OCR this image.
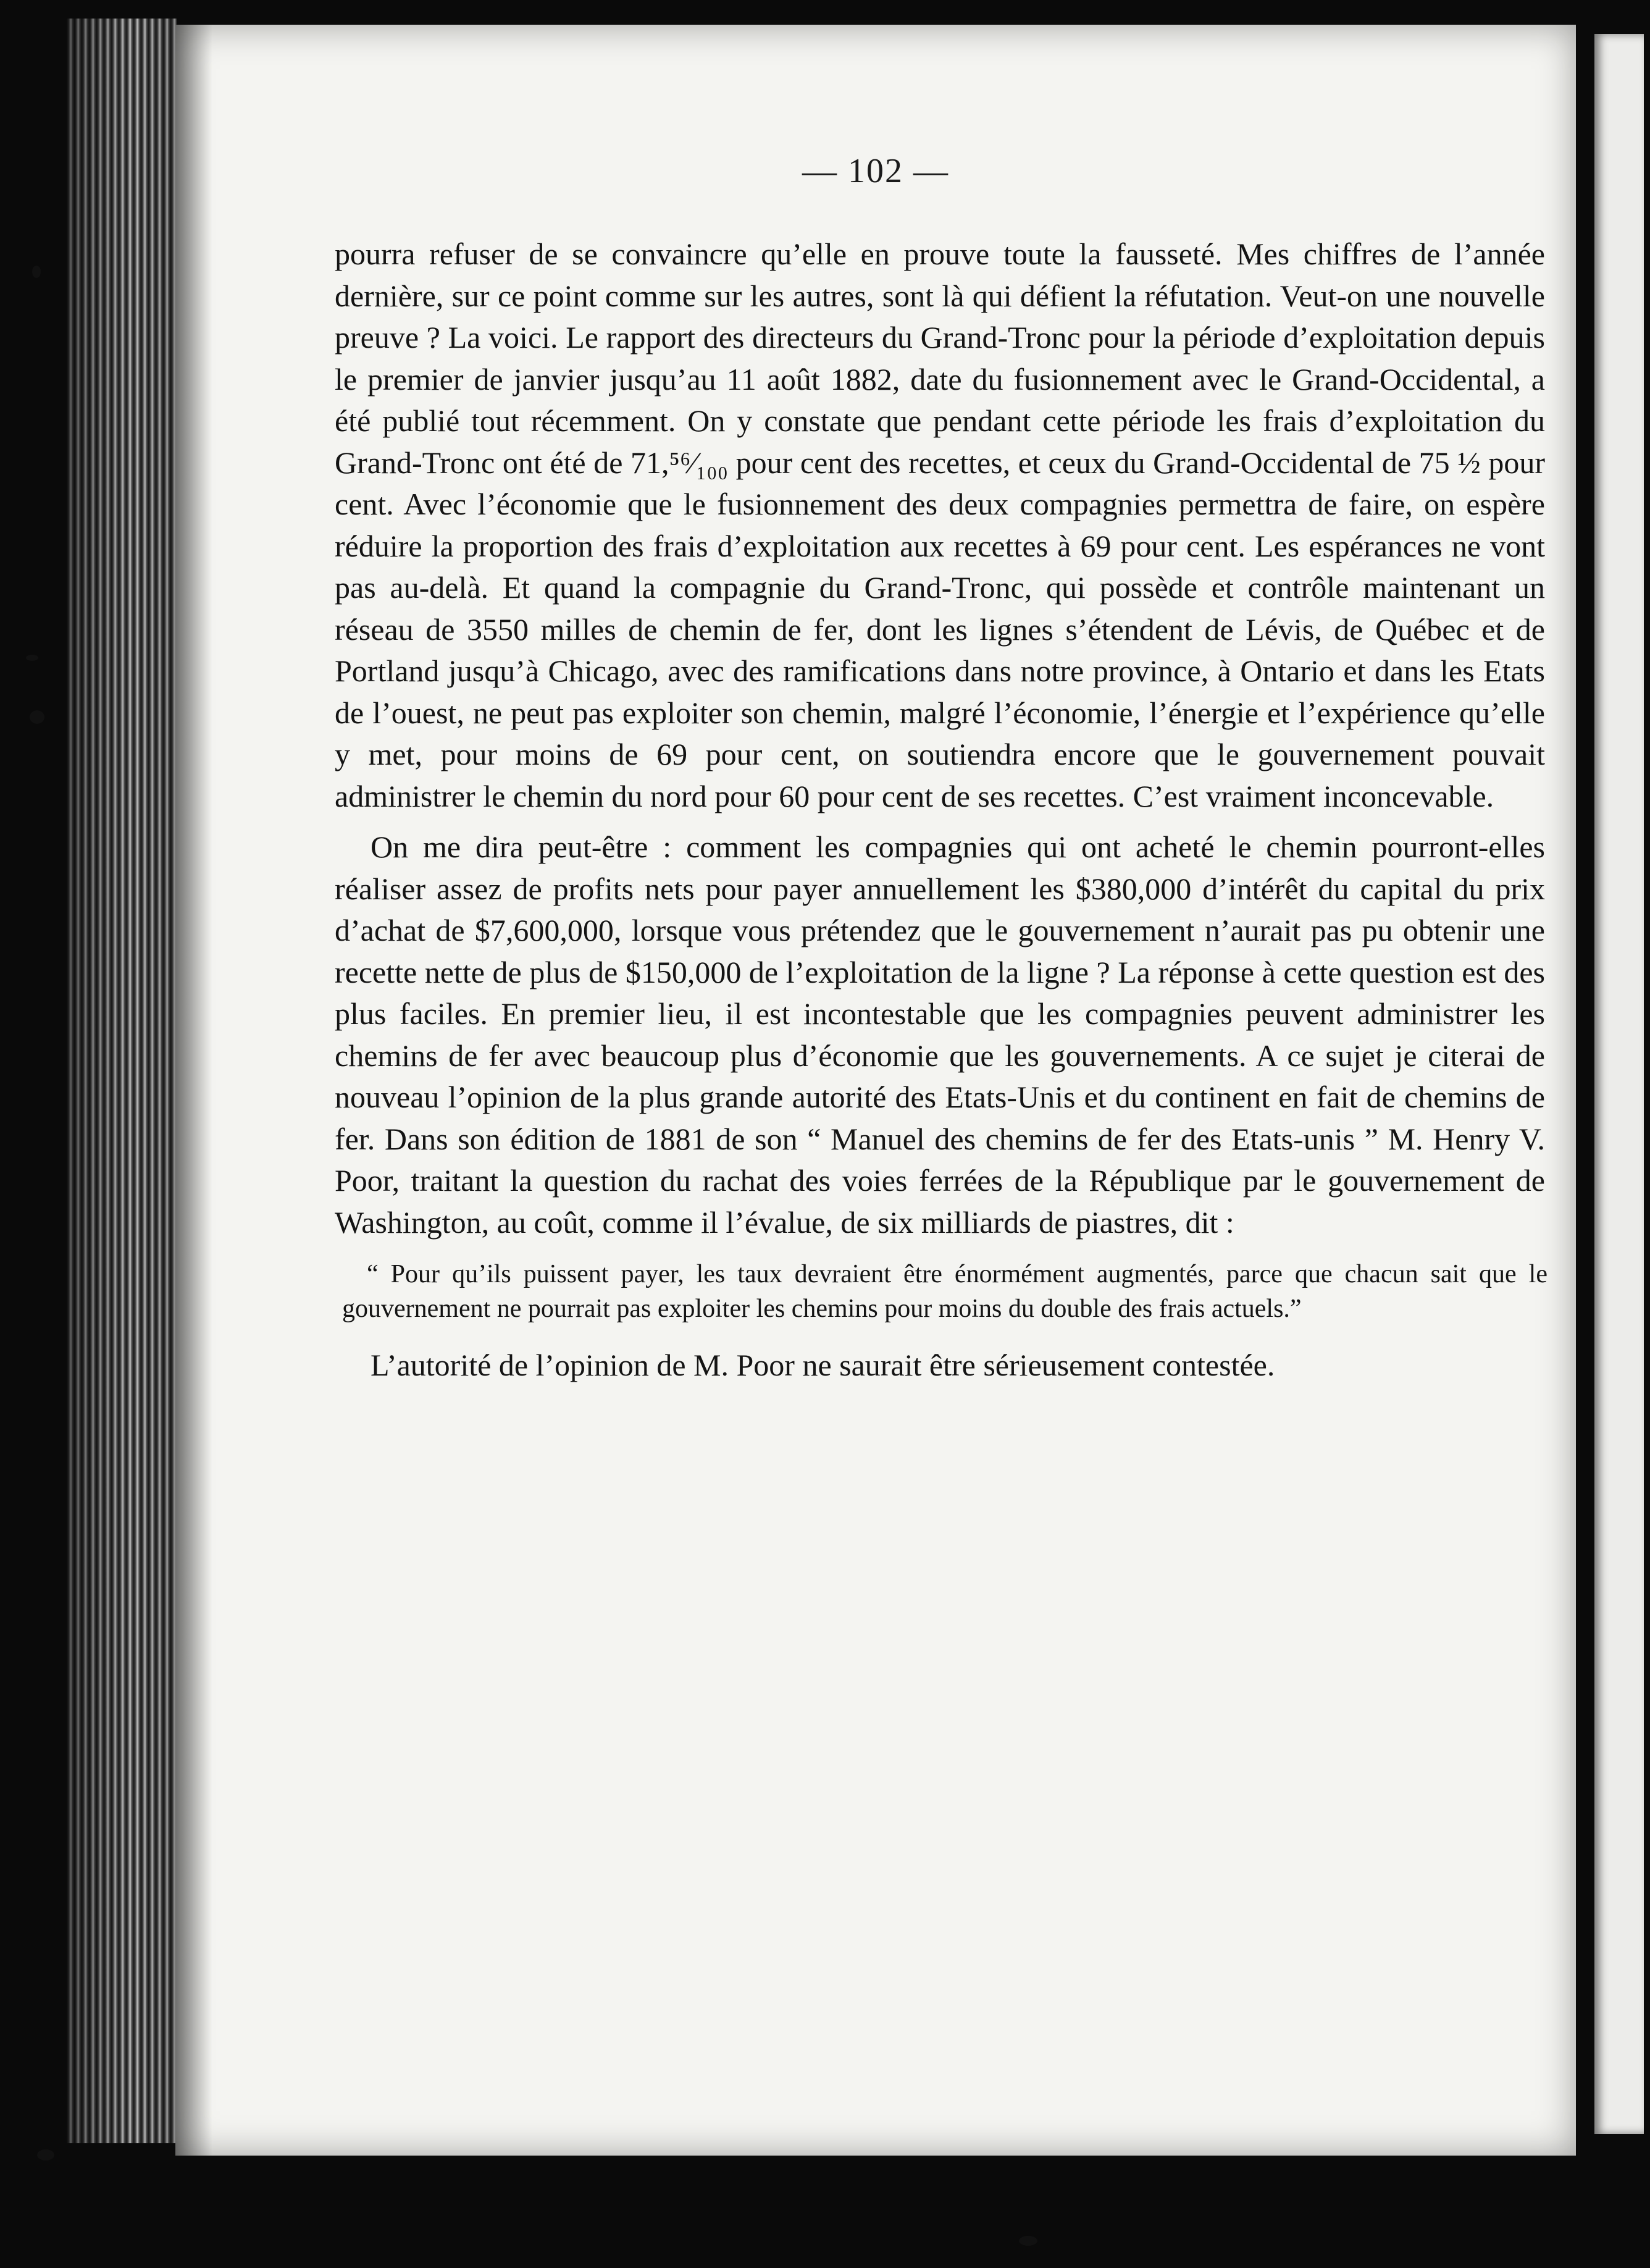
— 102 —

pourra refuser de se convaincre qu’elle en prouve toute la fausseté. Mes chiffres de l’année dernière, sur ce point comme sur les autres, sont là qui défient la réfutation. Veut-on une nouvelle preuve ? La voici. Le rapport des directeurs du Grand-Tronc pour la période d’exploitation depuis le premier de janvier jusqu’au 11 août 1882, date du fusionnement avec le Grand-Occidental, a été publié tout récemment. On y constate que pendant cette période les frais d’exploitation du Grand-Tronc ont été de 71,⁵⁶⁄₁₀₀ pour cent des recettes, et ceux du Grand-Occidental de 75 ½ pour cent. Avec l’économie que le fusionnement des deux compagnies permettra de faire, on espère réduire la proportion des frais d’exploitation aux recettes à 69 pour cent. Les espérances ne vont pas au-delà. Et quand la compagnie du Grand-Tronc, qui possède et contrôle maintenant un réseau de 3550 milles de chemin de fer, dont les lignes s’étendent de Lévis, de Québec et de Portland jusqu’à Chicago, avec des ramifications dans notre province, à Ontario et dans les Etats de l’ouest, ne peut pas exploiter son chemin, malgré l’économie, l’énergie et l’expérience qu’elle y met, pour moins de 69 pour cent, on soutiendra encore que le gouvernement pouvait administrer le chemin du nord pour 60 pour cent de ses recettes. C’est vraiment inconcevable.

On me dira peut-être : comment les compagnies qui ont acheté le chemin pourront-elles réaliser assez de profits nets pour payer annuellement les $380,000 d’intérêt du capital du prix d’achat de $7,600,000, lorsque vous prétendez que le gouvernement n’aurait pas pu obtenir une recette nette de plus de $150,000 de l’exploitation de la ligne ? La réponse à cette question est des plus faciles. En premier lieu, il est incontestable que les compagnies peuvent administrer les chemins de fer avec beaucoup plus d’économie que les gouvernements. A ce sujet je citerai de nouveau l’opinion de la plus grande autorité des Etats-Unis et du continent en fait de chemins de fer. Dans son édition de 1881 de son “ Manuel des chemins de fer des Etats-unis ” M. Henry V. Poor, traitant la question du rachat des voies ferrées de la République par le gouvernement de Washington, au coût, comme il l’évalue, de six milliards de piastres, dit :

“ Pour qu’ils puissent payer, les taux devraient être énormément augmentés, parce que chacun sait que le gouvernement ne pourrait pas exploiter les chemins pour moins du double des frais actuels.”

L’autorité de l’opinion de M. Poor ne saurait être sérieusement contestée.
